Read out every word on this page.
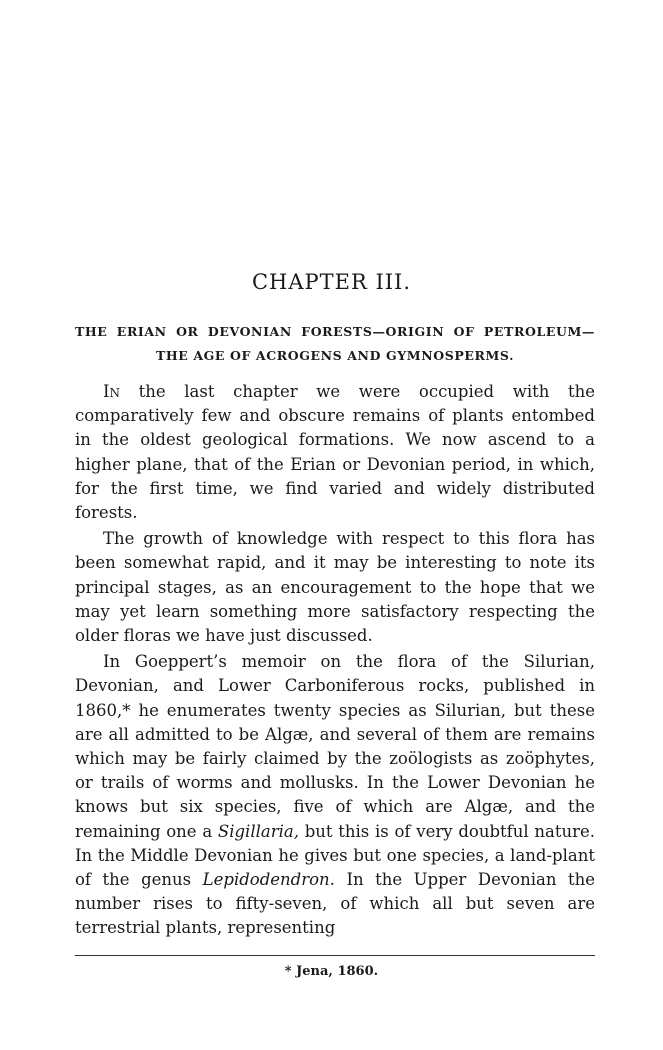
CHAPTER III.
THE ERIAN OR DEVONIAN FORESTS—ORIGIN OF PETROLEUM—THE AGE OF ACROGENS AND GYMNOSPERMS.

In the last chapter we were occupied with the comparatively few and obscure remains of plants entombed in the oldest geological formations. We now ascend to a higher plane, that of the Erian or Devonian period, in which, for the first time, we find varied and widely distributed forests.

The growth of knowledge with respect to this flora has been somewhat rapid, and it may be interesting to note its principal stages, as an encouragement to the hope that we may yet learn something more satisfactory respecting the older floras we have just discussed.

In Goeppert’s memoir on the flora of the Silurian, Devonian, and Lower Carboniferous rocks, published in 1860,* he enumerates twenty species as Silurian, but these are all admitted to be Algæ, and several of them are remains which may be fairly claimed by the zoölogists as zoöphytes, or trails of worms and mollusks. In the Lower Devonian he knows but six species, five of which are Algæ, and the remaining one a Sigillaria, but this is of very doubtful nature. In the Middle Devonian he gives but one species, a land-plant of the genus Lepidodendron. In the Upper Devonian the number rises to fifty-seven, of which all but seven are terrestrial plants, representing

* Jena, 1860.
